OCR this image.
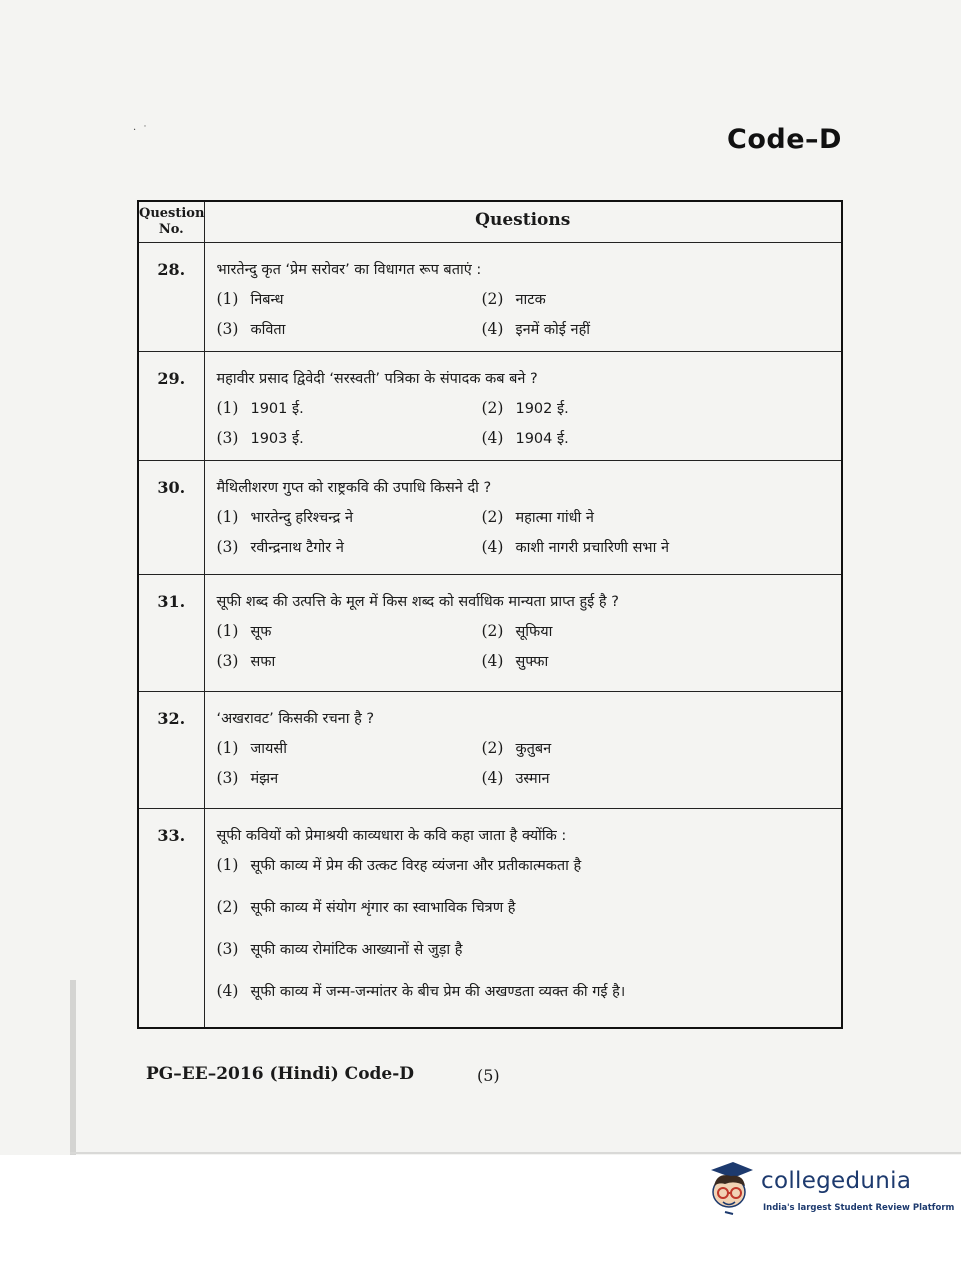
·  ˙	Code–D
Question
No.	Questions
28.	भारतेन्दु कृत ‘प्रेम सरोवर’ का विधागत रूप बताएं :
(1) निबन्ध (2) नाटक
(3) कविता (4) इनमें कोई नहीं

29.	महावीर प्रसाद द्विवेदी ‘सरस्वती’ पत्रिका के संपादक कब बने ?
(1) 1901 ई. (2) 1902 ई.
(3) 1903 ई. (4) 1904 ई.

30.	मैथिलीशरण गुप्त को राष्ट्रकवि की उपाधि किसने दी ?
(1) भारतेन्दु हरिश्चन्द्र ने (2) महात्मा गांधी ने
(3) रवीन्द्रनाथ टैगोर ने (4) काशी नागरी प्रचारिणी सभा ने

31.	सूफी शब्द की उत्पत्ति के मूल में किस शब्द को सर्वाधिक मान्यता प्राप्त हुई है ?
(1) सूफ (2) सूफिया
(3) सफा (4) सुफ्फा

32.	‘अखरावट’ किसकी रचना है ?
(1) जायसी (2) कुतुबन
(3) मंझन (4) उस्मान

33.	सूफी कवियों को प्रेमाश्रयी काव्यधारा के कवि कहा जाता है क्योंकि :
(1) सूफी काव्य में प्रेम की उत्कट विरह व्यंजना और प्रतीकात्मकता है
(2) सूफी काव्य में संयोग शृंगार का स्वाभाविक चित्रण है
(3) सूफी काव्य रोमांटिक आख्यानों से जुड़ा है
(4) सूफी काव्य में जन्म-जन्मांतर के बीच प्रेम की अखण्डता व्यक्त की गई है।
PG–EE–2016 (Hindi) Code-D	(5)
collegedunia
India's largest Student Review Platform
